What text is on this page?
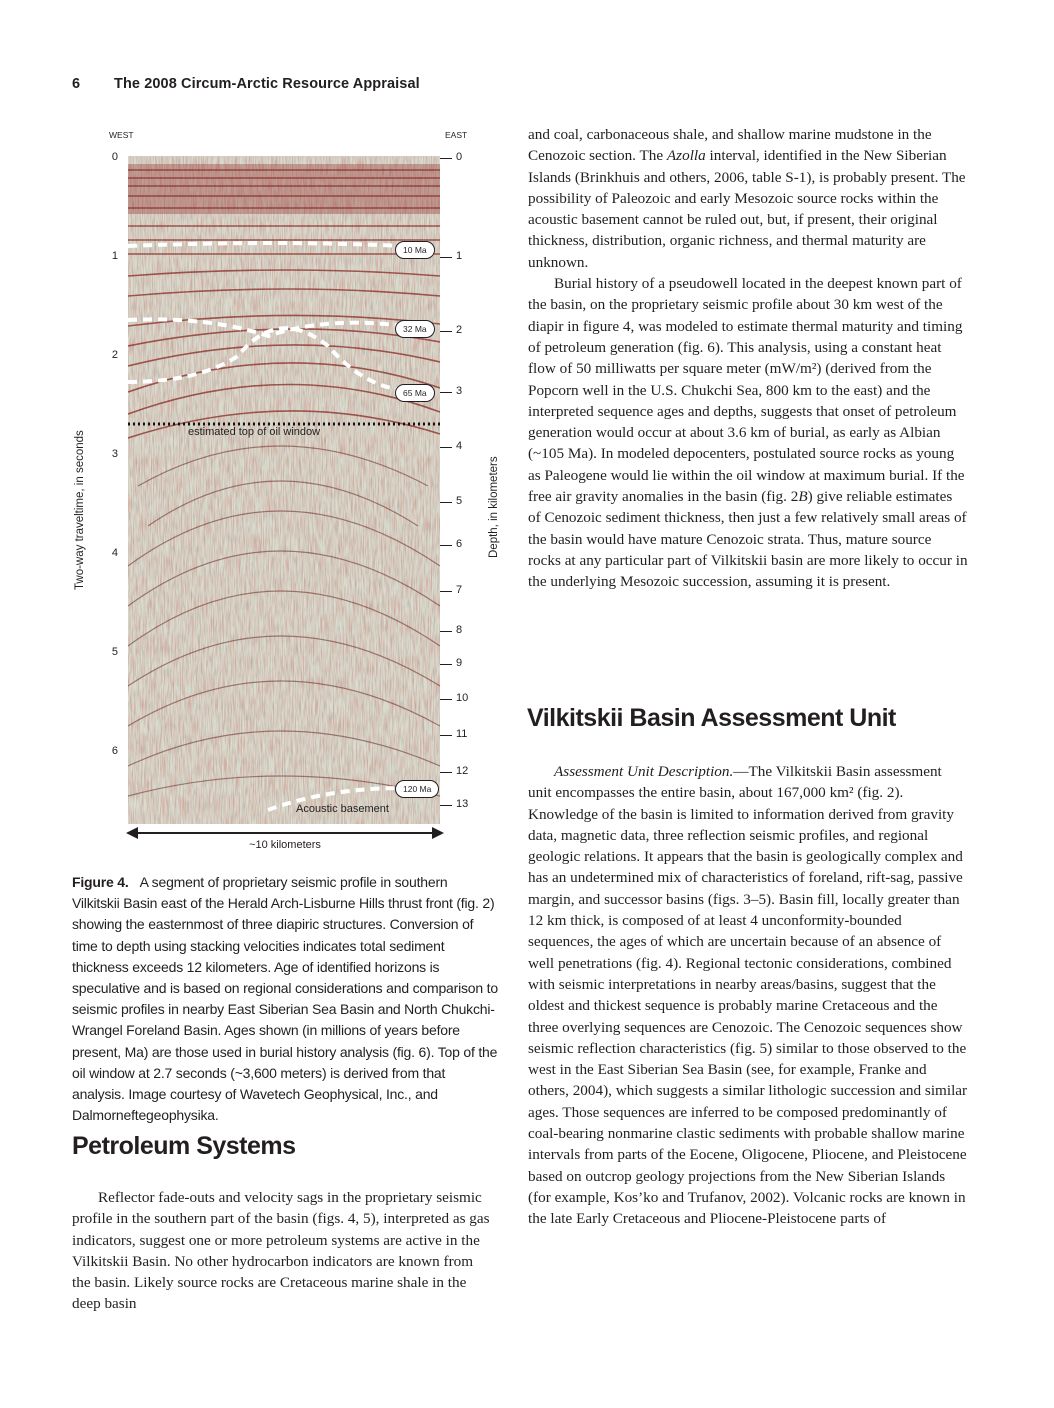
6 The 2008 Circum-Arctic Resource Appraisal
WEST	EAST
10 Ma
32 Ma
65 Ma
120 Ma
estimated top of oil window
Acoustic basement
0
1
2
3
4
5
6
0
1
2
3
4
5
6
7
8
9
10
11
12
13
Two-way traveltime, in seconds	Depth, in kilometers
~10 kilometers
Figure 4. A segment of proprietary seismic profile in southern Vilkitskii Basin east of the Herald Arch-Lisburne Hills thrust front (fig. 2) showing the easternmost of three diapiric structures. Conversion of time to depth using stacking velocities indicates total sediment thickness exceeds 12 kilometers. Age of identified horizons is speculative and is based on regional considerations and comparison to seismic profiles in nearby East Siberian Sea Basin and North Chukchi-Wrangel Foreland Basin. Ages shown (in millions of years before present, Ma) are those used in burial history analysis (fig. 6). Top of the oil window at 2.7 seconds (~3,600 meters) is derived from that analysis. Image courtesy of Wavetech Geophysical, Inc., and Dalmorneftegeophysika.
Petroleum Systems

Reflector fade-outs and velocity sags in the proprietary seismic profile in the southern part of the basin (figs. 4, 5), interpreted as gas indicators, suggest one or more petroleum systems are active in the Vilkitskii Basin. No other hydrocarbon indicators are known from the basin. Likely source rocks are Cretaceous marine shale in the deep basin

and coal, carbonaceous shale, and shallow marine mudstone in the Cenozoic section. The Azolla interval, identified in the New Siberian Islands (Brinkhuis and others, 2006, table S-1), is probably present. The possibility of Paleozoic and early Mesozoic source rocks within the acoustic basement cannot be ruled out, but, if present, their original thickness, distribution, organic richness, and thermal maturity are unknown.

Burial history of a pseudowell located in the deepest known part of the basin, on the proprietary seismic profile about 30 km west of the diapir in figure 4, was modeled to estimate thermal maturity and timing of petroleum generation (fig. 6). This analysis, using a constant heat flow of 50 milliwatts per square meter (mW/m²) (derived from the Popcorn well in the U.S. Chukchi Sea, 800 km to the east) and the interpreted sequence ages and depths, suggests that onset of petroleum generation would occur at about 3.6 km of burial, as early as Albian (~105 Ma). In modeled depocenters, postulated source rocks as young as Paleogene would lie within the oil window at maximum burial. If the free air gravity anomalies in the basin (fig. 2B) give reliable estimates of Cenozoic sediment thickness, then just a few relatively small areas of the basin would have mature Cenozoic strata. Thus, mature source rocks at any particular part of Vilkitskii basin are more likely to occur in the underlying Mesozoic succession, assuming it is present.

Vilkitskii Basin Assessment Unit

Assessment Unit Description.—The Vilkitskii Basin assessment unit encompasses the entire basin, about 167,000 km² (fig. 2). Knowledge of the basin is limited to information derived from gravity data, magnetic data, three reflection seismic profiles, and regional geologic relations. It appears that the basin is geologically complex and has an undetermined mix of characteristics of foreland, rift-sag, passive margin, and successor basins (figs. 3–5). Basin fill, locally greater than 12 km thick, is composed of at least 4 unconformity-bounded sequences, the ages of which are uncertain because of an absence of well penetrations (fig. 4). Regional tectonic considerations, combined with seismic interpretations in nearby areas/basins, suggest that the oldest and thickest sequence is probably marine Cretaceous and the three overlying sequences are Cenozoic. The Cenozoic sequences show seismic reflection characteristics (fig. 5) similar to those observed to the west in the East Siberian Sea Basin (see, for example, Franke and others, 2004), which suggests a similar lithologic succession and similar ages. Those sequences are inferred to be composed predominantly of coal-bearing nonmarine clastic sediments with probable shallow marine intervals from parts of the Eocene, Oligocene, Pliocene, and Pleistocene based on outcrop geology projections from the New Siberian Islands (for example, Kos’ko and Trufanov, 2002). Volcanic rocks are known in the late Early Cretaceous and Pliocene-Pleistocene parts of
